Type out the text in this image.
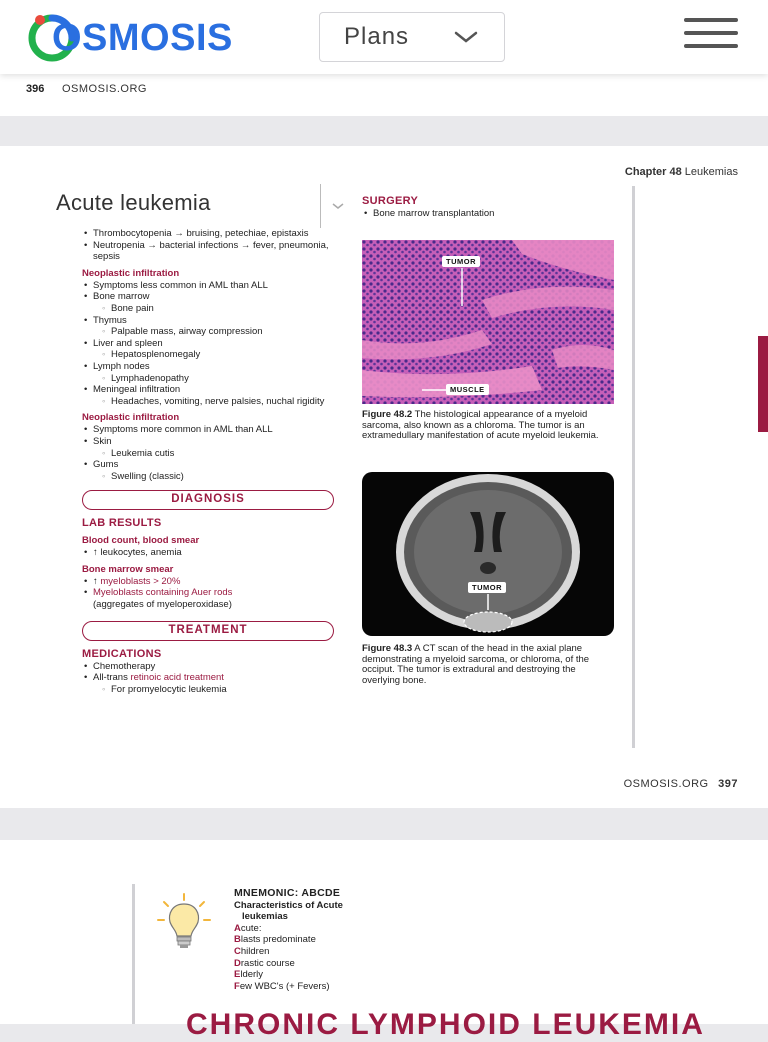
OSMOSIS	Plans
396 OSMOSIS.ORG
Chapter 48 Leukemias
• Thrombocytopenia → bruising, petechiae, epistaxis
• Neutropenia → bacterial infections → fever, pneumonia, sepsis
Neoplastic infiltration
• Symptoms less common in AML than ALL
• Bone marrow
◦ Bone pain
• Thymus
◦ Palpable mass, airway compression
• Liver and spleen
◦ Hepatosplenomegaly
• Lymph nodes
◦ Lymphadenopathy
• Meningeal infiltration
◦ Headaches, vomiting, nerve palsies, nuchal rigidity
Neoplastic infiltration
• Symptoms more common in AML than ALL
• Skin
◦ Leukemia cutis
• Gums
◦ Swelling (classic)
DIAGNOSIS
LAB RESULTS
Blood count, blood smear
• ↑ leukocytes, anemia
Bone marrow smear
• ↑ myeloblasts > 20%
• Myeloblasts containing Auer rods
(aggregates of myeloperoxidase)
TREATMENT
MEDICATIONS
• Chemotherapy
• All-trans retinoic acid treatment
◦ For promyelocytic leukemia
Acute leukemia	SURGERY
• Bone marrow transplantation
TUMOR
MUSCLE
Figure 48.2 The histological appearance of a myeloid sarcoma, also known as a chloroma. The tumor is an extramedullary manifestation of acute myeloid leukemia.
TUMOR
Figure 48.3 A CT scan of the head in the axial plane demonstrating a myeloid sarcoma, or chloroma, of the occiput. The tumor is extradural and destroying the overlying bone.
OSMOSIS.ORG 397
MNEMONIC: ABCDE
Characteristics of Acute
leukemias
Acute:
Blasts predominate
Children
Drastic course
Elderly
Few WBC's (+ Fevers)
CHRONIC LYMPHOID LEUKEMIA
